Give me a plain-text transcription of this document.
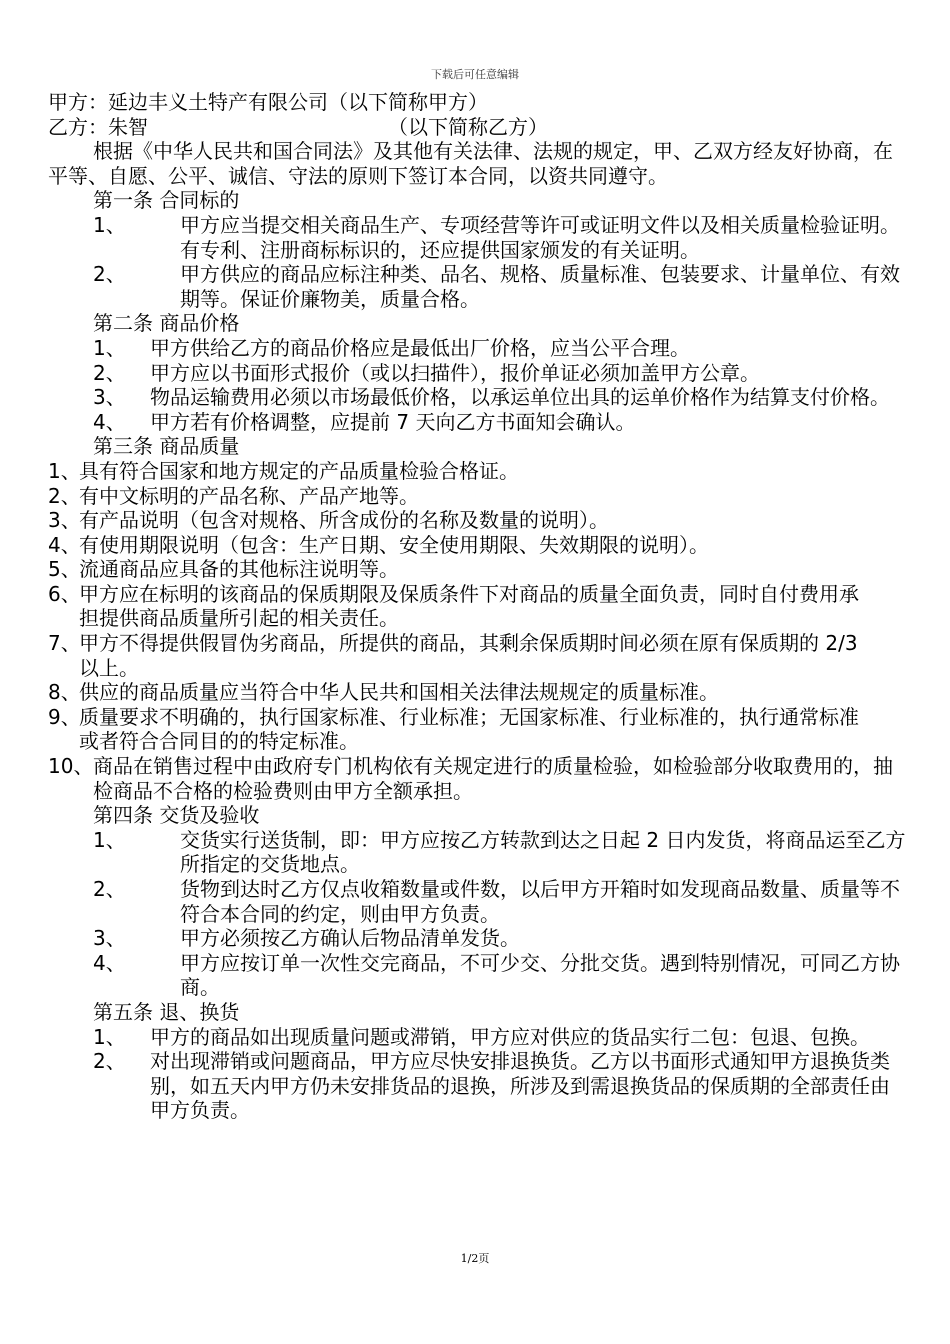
下载后可任意编辑
甲方：延边丰义土特产有限公司（以下简称甲方）
乙方：朱智	（以下简称乙方）
根据《中华人民共和国合同法》及其他有关法律、法规的规定，甲、乙双方经友好协商，在平等、自愿、公平、诚信、守法的原则下签订本合同，以资共同遵守。
第一条 合同标的
1、	甲方应当提交相关商品生产、专项经营等许可或证明文件以及相关质量检验证明。有专利、注册商标标识的，还应提供国家颁发的有关证明。
2、	甲方供应的商品应标注种类、品名、规格、质量标准、包装要求、计量单位、有效期等。保证价廉物美，质量合格。
第二条 商品价格
1、	甲方供给乙方的商品价格应是最低出厂价格，应当公平合理。
2、	甲方应以书面形式报价（或以扫描件），报价单证必须加盖甲方公章。
3、	物品运输费用必须以市场最低价格，以承运单位出具的运单价格作为结算支付价格。
4、	甲方若有价格调整，应提前 7 天向乙方书面知会确认。
第三条 商品质量
1、
具有符合国家和地方规定的产品质量检验合格证。
2、
有中文标明的产品名称、产品产地等。
3、
有产品说明（包含对规格、所含成份的名称及数量的说明）。
4、
有使用期限说明（包含：生产日期、安全使用期限、失效期限的说明）。
5、
流通商品应具备的其他标注说明等。
6、
甲方应在标明的该商品的保质期限及保质条件下对商品的质量全面负责，同时自付费用承担提供商品质量所引起的相关责任。
7、
甲方不得提供假冒伪劣商品，所提供的商品，其剩余保质期时间必须在原有保质期的 2/3 以上。
8、
供应的商品质量应当符合中华人民共和国相关法律法规规定的质量标准。
9、
质量要求不明确的，执行国家标准、行业标准；无国家标准、行业标准的，执行通常标准或者符合合同目的的特定标准。
10、 商品在销售过程中由政府专门机构依有关规定进行的质量检验，如检验部分收取费用的，抽检商品不合格的检验费则由甲方全额承担。
第四条 交货及验收
1、	交货实行送货制，即：甲方应按乙方转款到达之日起 2 日内发货，将商品运至乙方所指定的交货地点。
2、	货物到达时乙方仅点收箱数量或件数，以后甲方开箱时如发现商品数量、质量等不符合本合同的约定，则由甲方负责。
3、	甲方必须按乙方确认后物品清单发货。
4、	甲方应按订单一次性交完商品，不可少交、分批交货。遇到特别情况，可同乙方协商。
第五条 退、换货
1、	甲方的商品如出现质量问题或滞销，甲方应对供应的货品实行二包：包退、包换。
2、	对出现滞销或问题商品，甲方应尽快安排退换货。乙方以书面形式通知甲方退换货类别，如五天内甲方仍未安排货品的退换，所涉及到需退换货品的保质期的全部责任由甲方负责。
1/2页
